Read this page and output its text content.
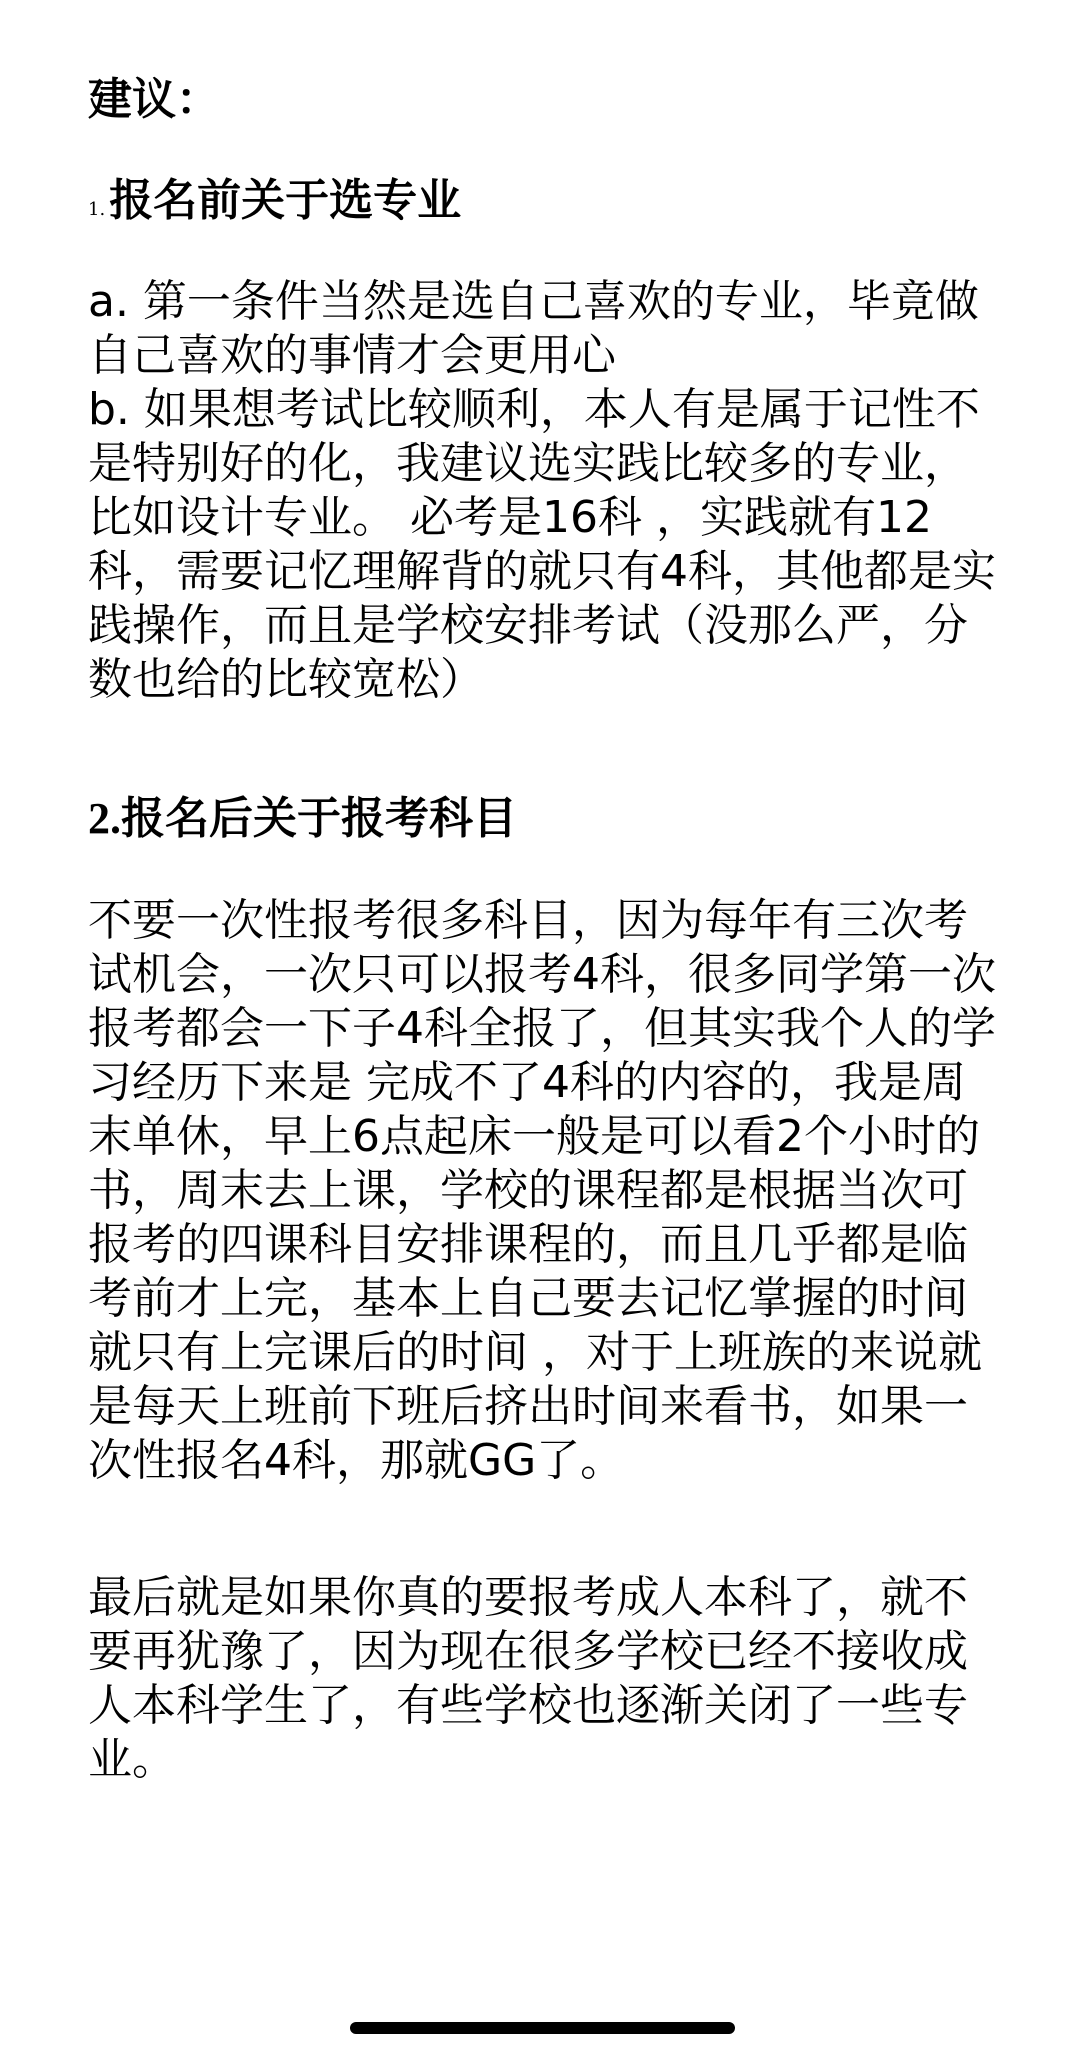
建议：
1.报名前关于选专业

a. 第一条件当然是选自己喜欢的专业，毕竟做自己喜欢的事情才会更用心

b. 如果想考试比较顺利，本人有是属于记性不是特别好的化，我建议选实践比较多的专业，比如设计专业。 必考是16科 ，实践就有12科，需要记忆理解背的就只有4科，其他都是实践操作，而且是学校安排考试（没那么严，分数也给的比较宽松）

2.报名后关于报考科目

不要一次性报考很多科目，因为每年有三次考试机会，一次只可以报考4科，很多同学第一次报考都会一下子4科全报了，但其实我个人的学习经历下来是 完成不了4科的内容的，我是周末单休，早上6点起床一般是可以看2个小时的书，周末去上课，学校的课程都是根据当次可报考的四课科目安排课程的，而且几乎都是临考前才上完，基本上自己要去记忆掌握的时间就只有上完课后的时间 ，对于上班族的来说就是每天上班前下班后挤出时间来看书，如果一次性报名4科，那就GG了。

最后就是如果你真的要报考成人本科了，就不要再犹豫了，因为现在很多学校已经不接收成人本科学生了，有些学校也逐渐关闭了一些专业。
